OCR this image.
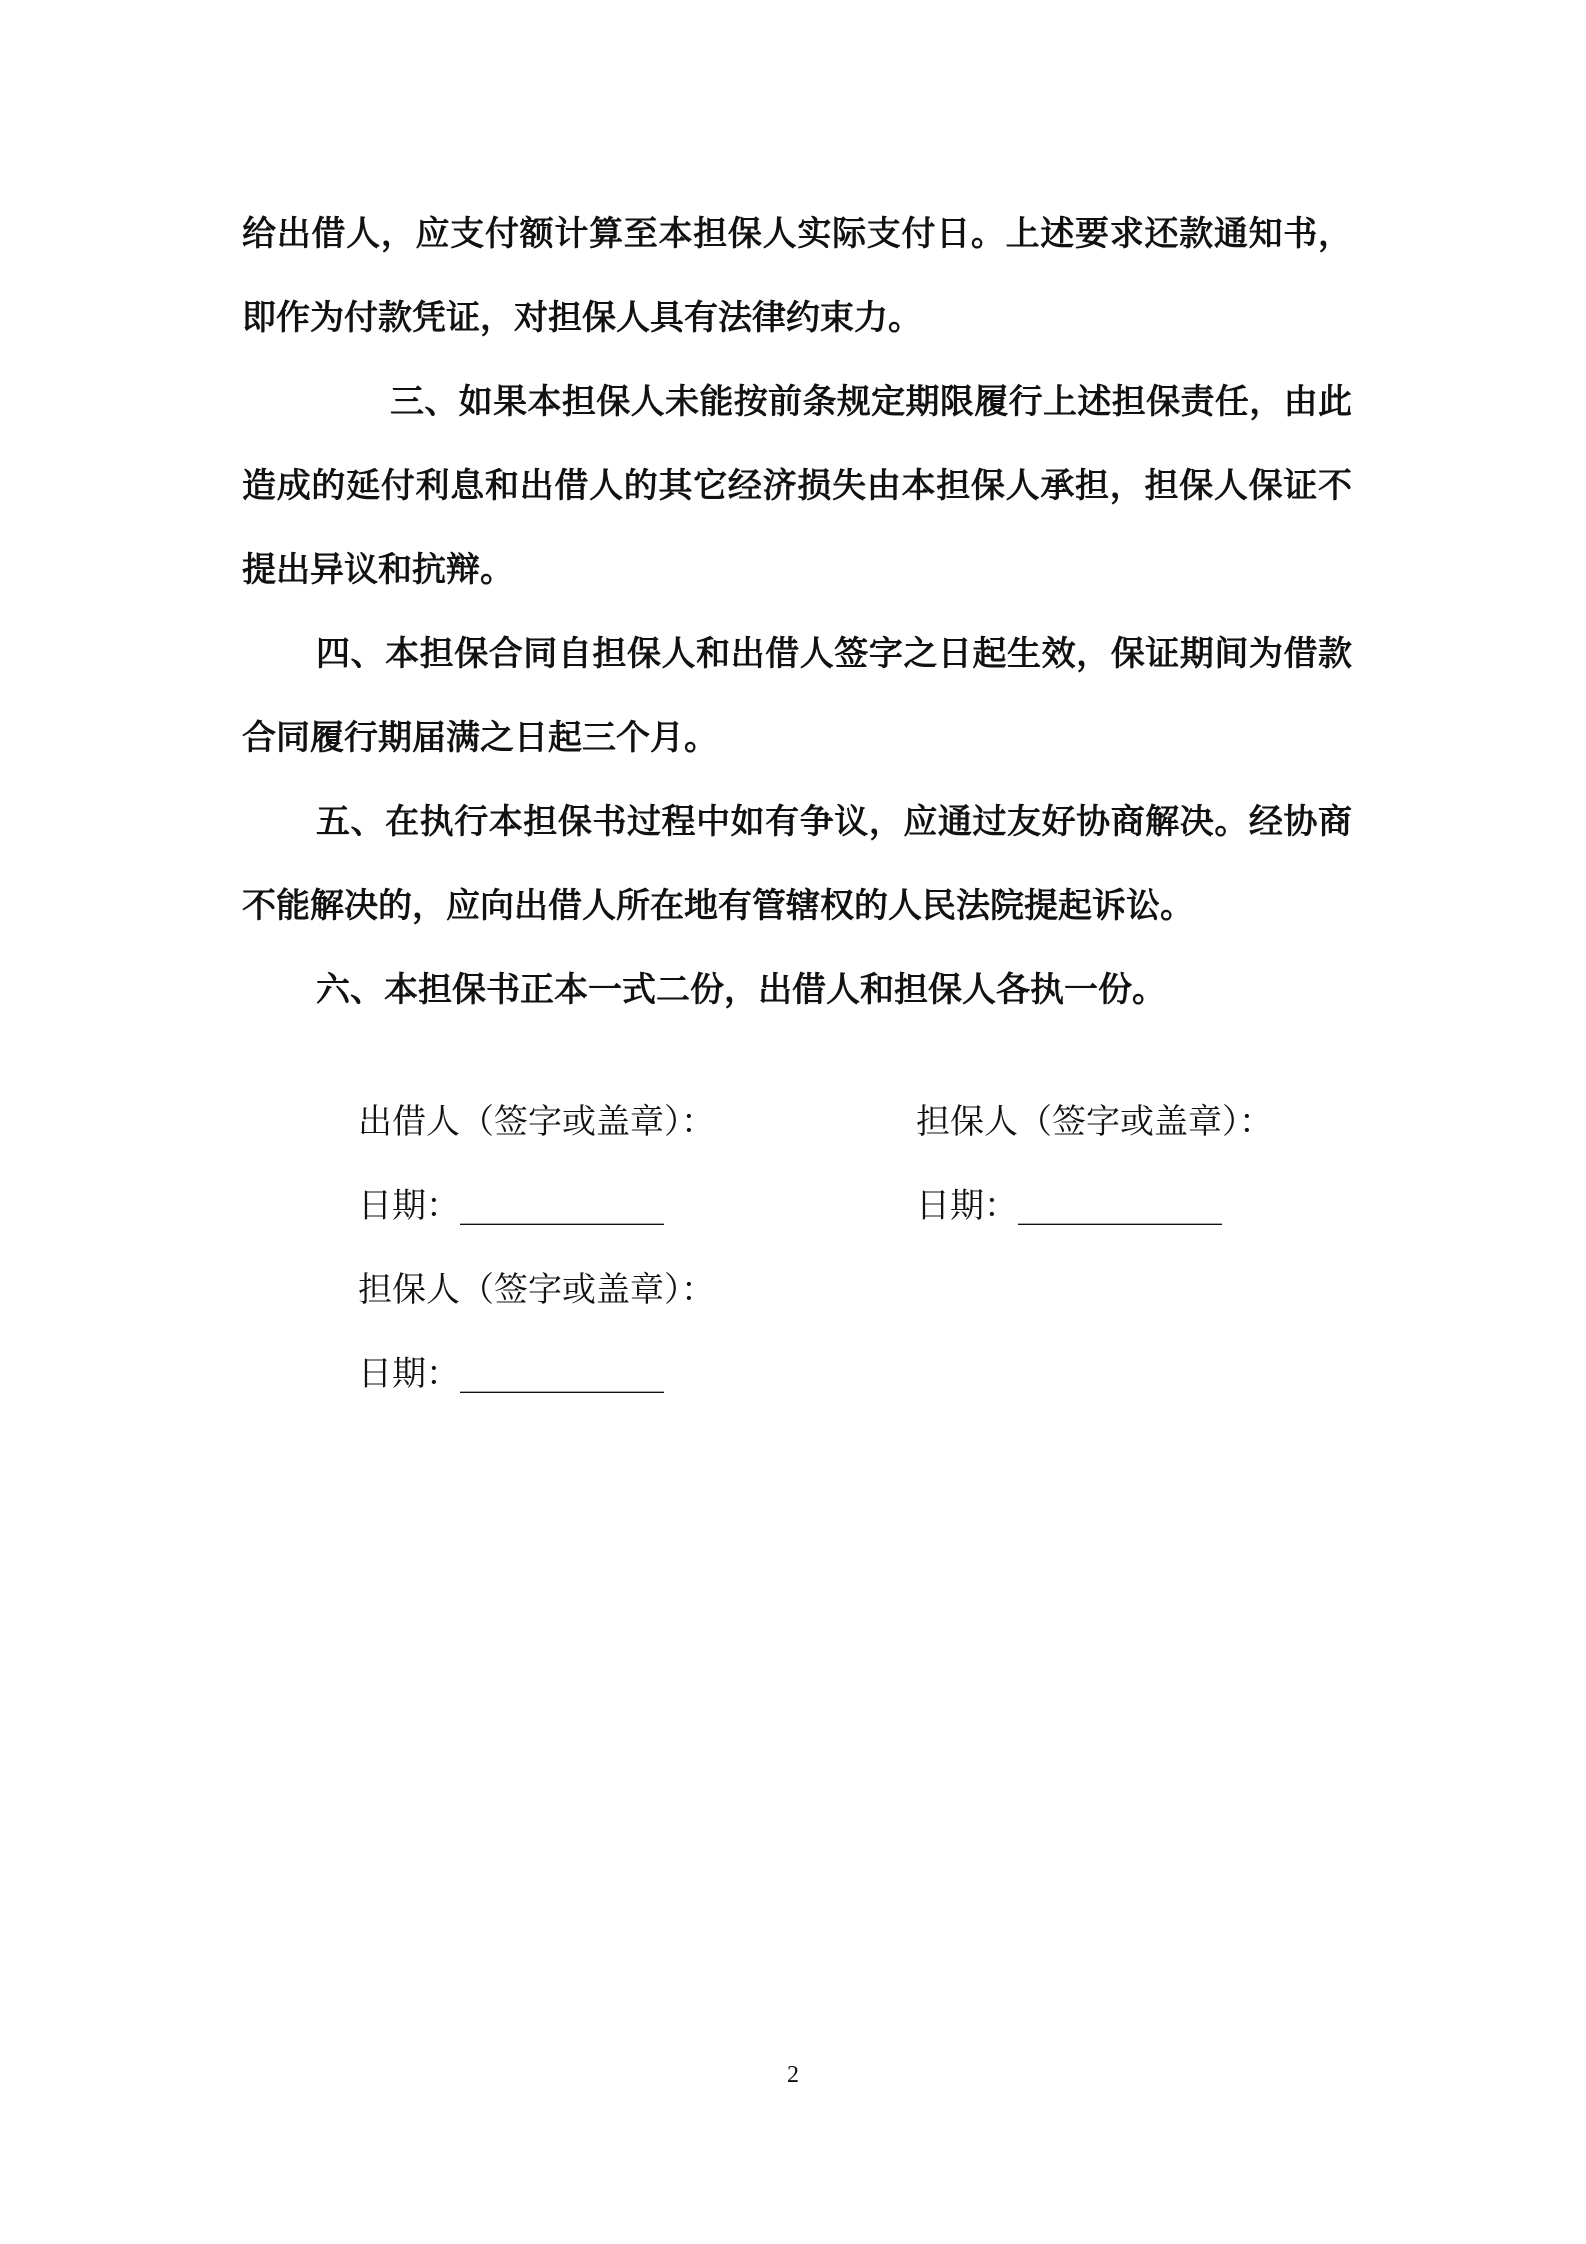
给出借人，应支付额计算至本担保人实际支付日。上述要求还款通知书，即作为付款凭证，对担保人具有法律约束力。

三、如果本担保人未能按前条规定期限履行上述担保责任，由此造成的延付利息和出借人的其它经济损失由本担保人承担，担保人保证不提出异议和抗辩。

四、本担保合同自担保人和出借人签字之日起生效，保证期间为借款合同履行期届满之日起三个月。

五、在执行本担保书过程中如有争议，应通过友好协商解决。经协商不能解决的，应向出借人所在地有管辖权的人民法院提起诉讼。

六、本担保书正本一式二份，出借人和担保人各执一份。

出借人（签字或盖章）：	担保人（签字或盖章）：
日期：____________	日期：____________
担保人（签字或盖章）：
日期：____________
2
